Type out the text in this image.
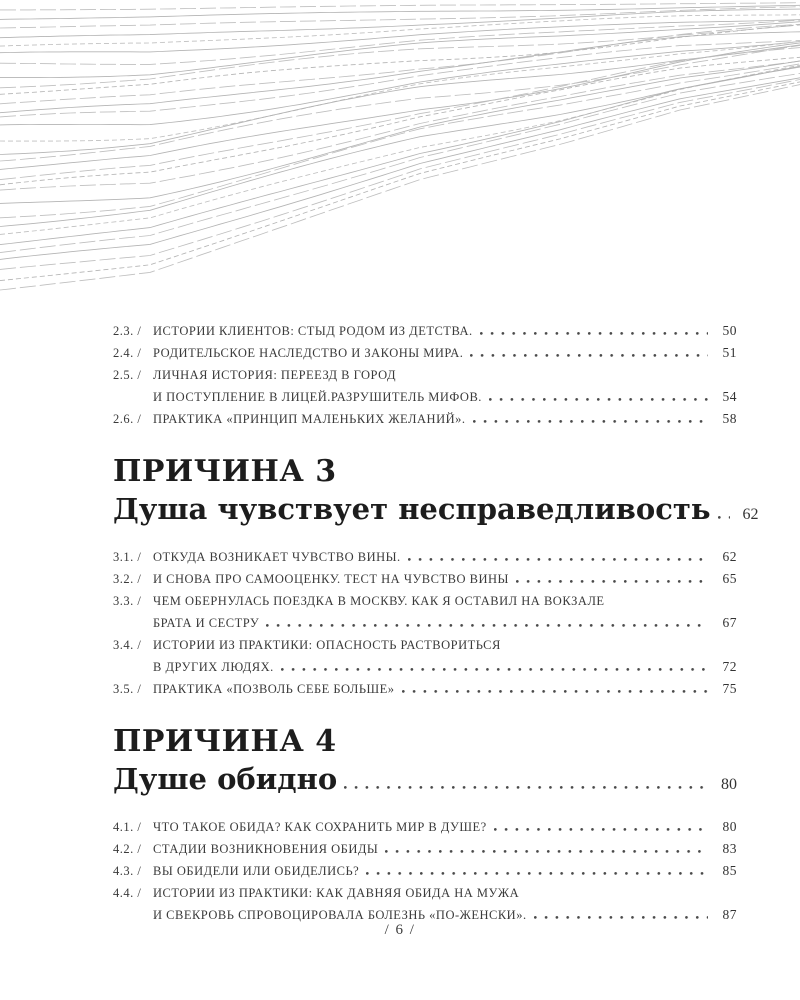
2.3. / ИСТОРИИ КЛИЕНТОВ: СТЫД РОДОМ ИЗ ДЕТСТВА.	50
2.4. / РОДИТЕЛЬСКОЕ НАСЛЕДСТВО И ЗАКОНЫ МИРА.	51
2.5. / ЛИЧНАЯ ИСТОРИЯ: ПЕРЕЕЗД В ГОРОД
И ПОСТУПЛЕНИЕ В ЛИЦЕЙ.РАЗРУШИТЕЛЬ МИФОВ.	54
2.6. / ПРАКТИКА «ПРИНЦИП МАЛЕНЬКИХ ЖЕЛАНИЙ».	58
ПРИЧИНА 3
Душа чувствует несправедливость	62
3.1. / ОТКУДА ВОЗНИКАЕТ ЧУВСТВО ВИНЫ.	62
3.2. / И СНОВА ПРО САМООЦЕНКУ. ТЕСТ НА ЧУВСТВО ВИНЫ	65
3.3. / ЧЕМ ОБЕРНУЛАСЬ ПОЕЗДКА В МОСКВУ. КАК Я ОСТАВИЛ НА ВОКЗАЛЕ
БРАТА И СЕСТРУ	67
3.4. / ИСТОРИИ ИЗ ПРАКТИКИ: ОПАСНОСТЬ РАСТВОРИТЬСЯ
В ДРУГИХ ЛЮДЯХ.	72
3.5. / ПРАКТИКА «ПОЗВОЛЬ СЕБЕ БОЛЬШЕ»	75
ПРИЧИНА 4
Душе обидно	80
4.1. / ЧТО ТАКОЕ ОБИДА? КАК СОХРАНИТЬ МИР В ДУШЕ?	80
4.2. / СТАДИИ ВОЗНИКНОВЕНИЯ ОБИДЫ	83
4.3. / ВЫ ОБИДЕЛИ ИЛИ ОБИДЕЛИСЬ?	85
4.4. / ИСТОРИИ ИЗ ПРАКТИКИ: КАК ДАВНЯЯ ОБИДА НА МУЖА
И СВЕКРОВЬ СПРОВОЦИРОВАЛА БОЛЕЗНЬ «ПО-ЖЕНСКИ».	87
/ 6 /
